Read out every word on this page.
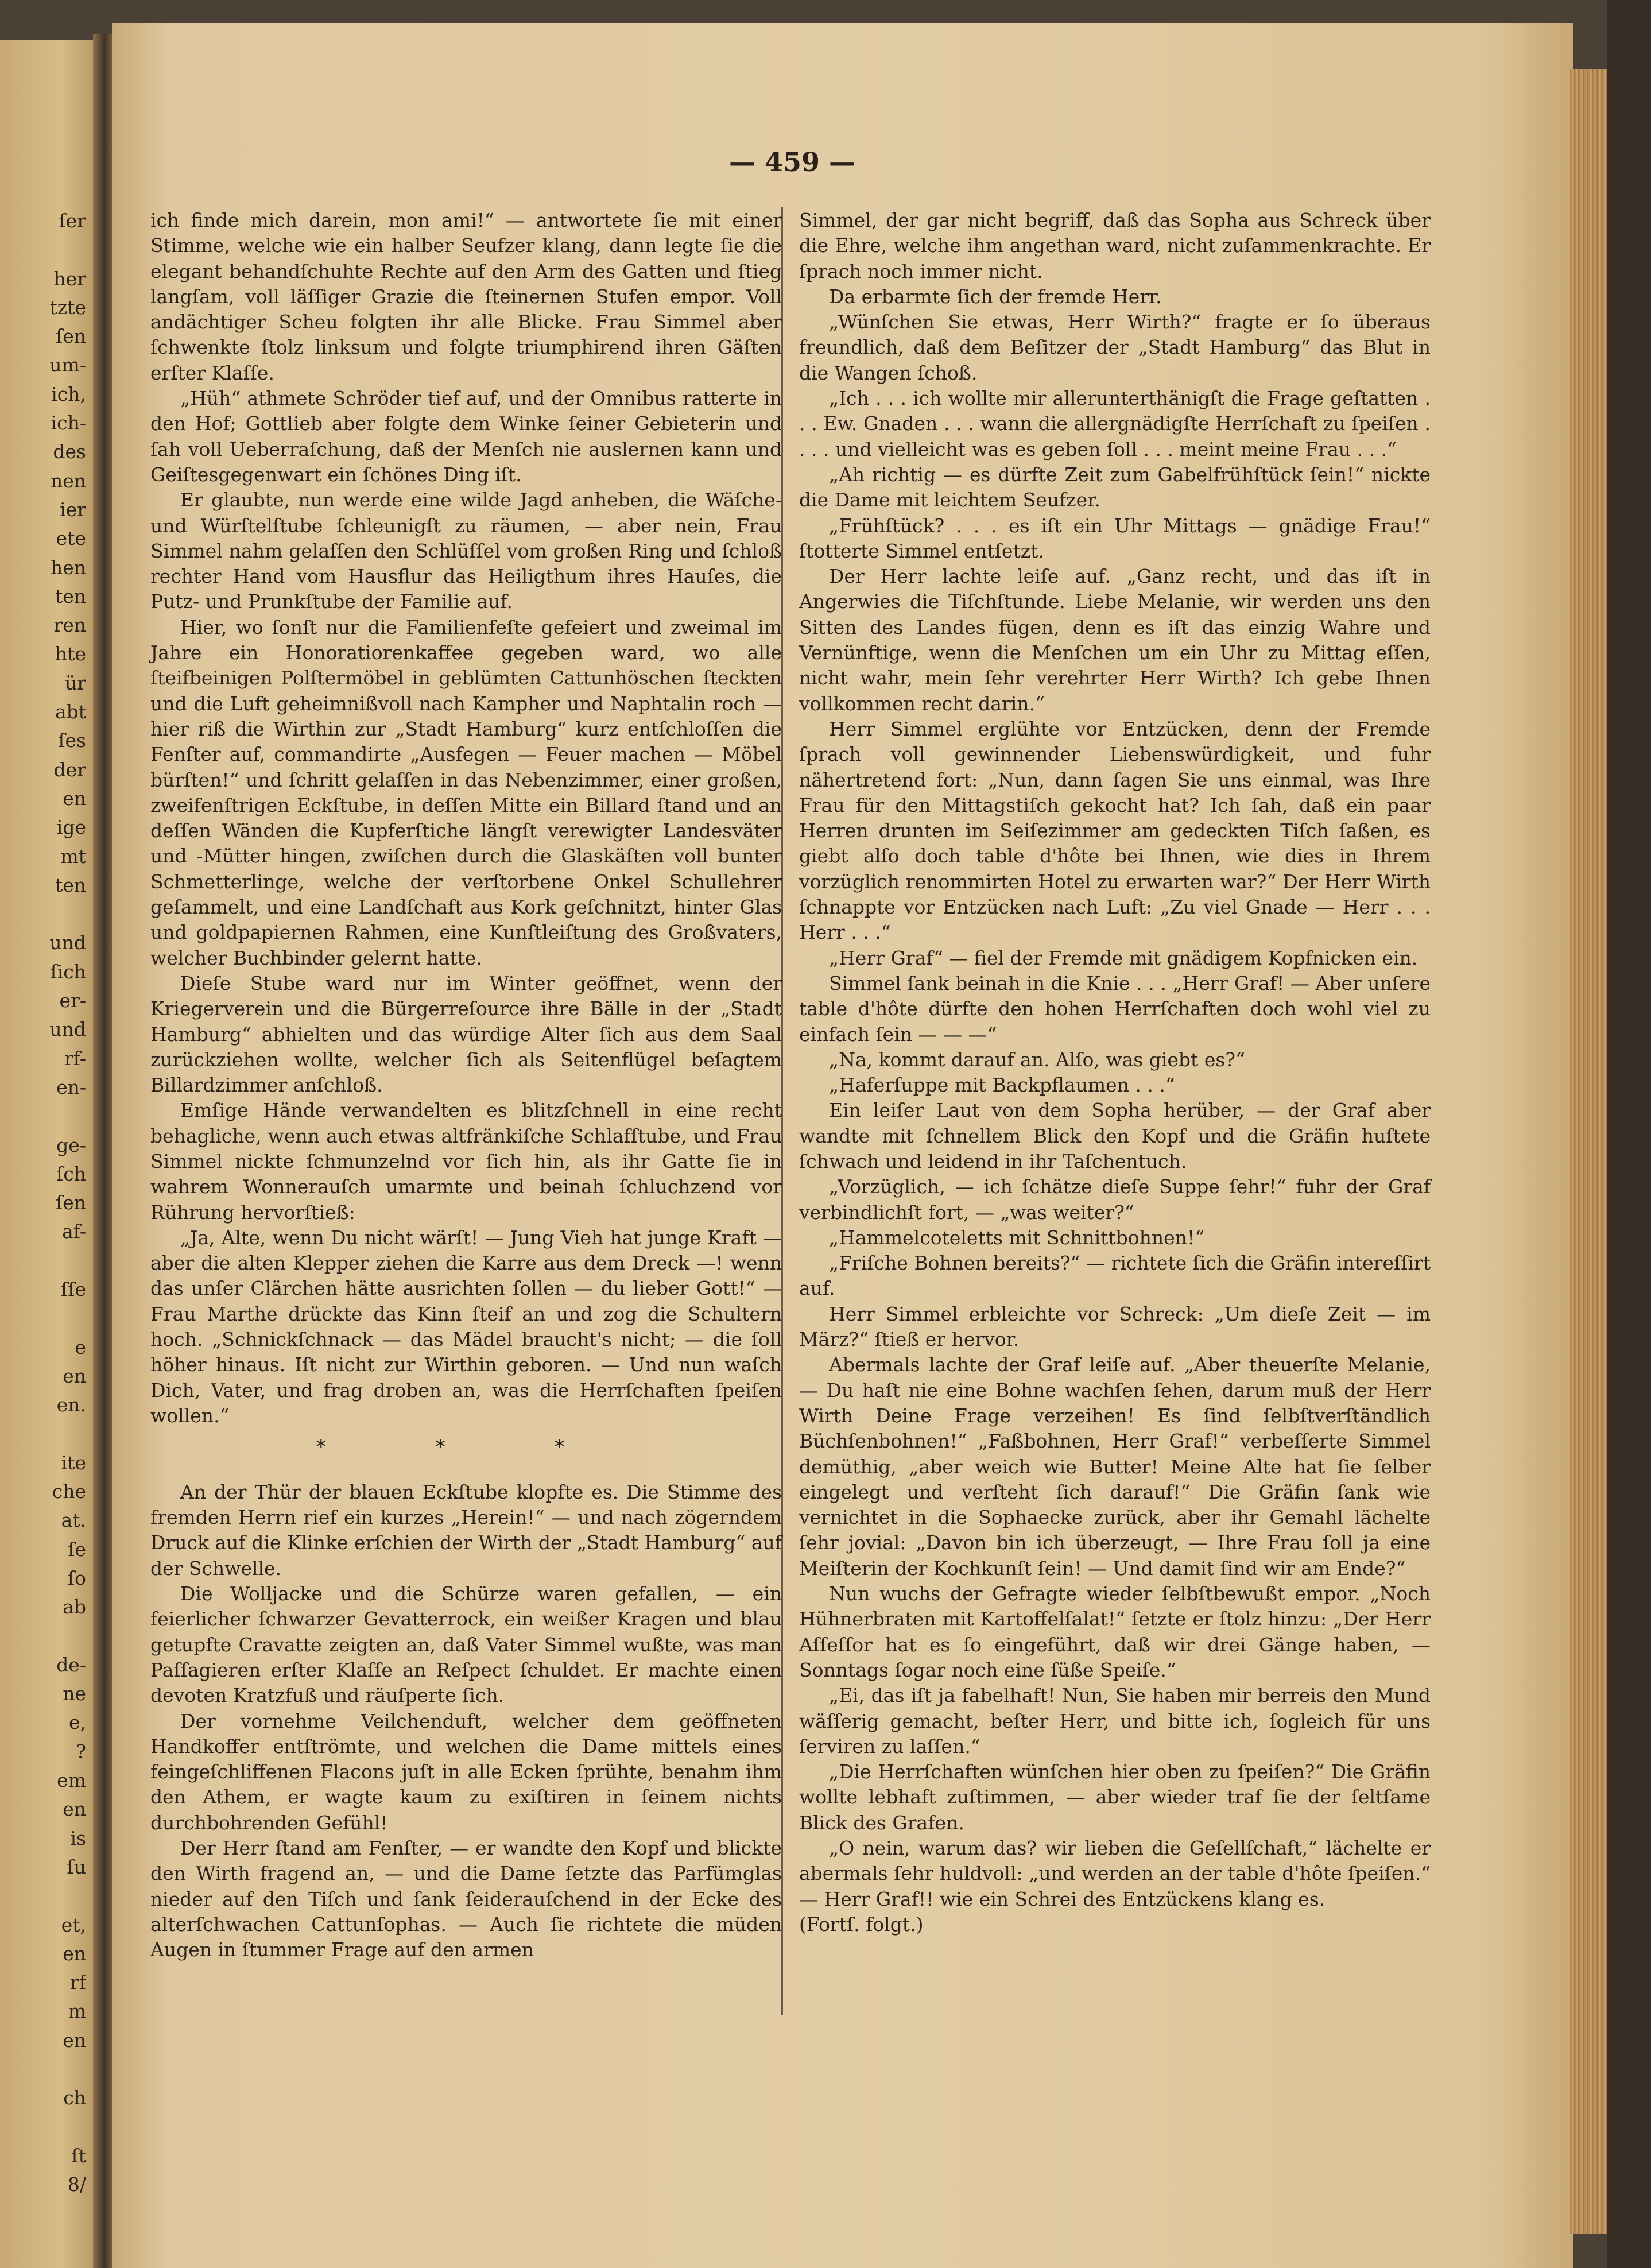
ſer
her
tzte
ſen
um-
ich,
ich-
des
nen
ier
ete
hen
ten
ren
hte
ür
abt
ſes
der
en
ige
mt
ten
und
ſich
er-
und
rf-
en-
ge-
ſch
ſen
af-
ſſe
e
en
en.
ite
che
at.
ſe
ſo
ab
de-
ne
e,
?
em
en
is
ſu
et,
en
rf
m
en
ch
ſt
8/
— 459 —
ich finde mich darein, mon ami!“ — antwortete ſie mit einer Stimme, welche wie ein halber Seufzer klang, dann legte ſie die elegant behandſchuhte Rechte auf den Arm des Gatten und ſtieg langſam, voll läſſiger Grazie die ſteinernen Stufen empor. Voll andächtiger Scheu folgten ihr alle Blicke. Frau Simmel aber ſchwenkte ſtolz linksum und folgte triumphirend ihren Gäſten erſter Klaſſe.
„Hüh“ athmete Schröder tief auf, und der Omnibus ratterte in den Hof; Gottlieb aber folgte dem Winke ſeiner Gebieterin und ſah voll Ueberraſchung, daß der Menſch nie auslernen kann und Geiſtesgegenwart ein ſchönes Ding iſt.
Er glaubte, nun werde eine wilde Jagd anheben, die Wäſche- und Würſtelſtube ſchleunigſt zu räumen, — aber nein, Frau Simmel nahm gelaſſen den Schlüſſel vom großen Ring und ſchloß rechter Hand vom Hausflur das Heiligthum ihres Hauſes, die Putz- und Prunkſtube der Familie auf.
Hier, wo ſonſt nur die Familienfeſte gefeiert und zweimal im Jahre ein Honoratiorenkaffee gegeben ward, wo alle ſteifbeinigen Polſtermöbel in geblümten Cattunhöschen ſteckten und die Luft geheimnißvoll nach Kampher und Naphtalin roch — hier riß die Wirthin zur „Stadt Hamburg“ kurz entſchloſſen die Fenſter auf, commandirte „Ausfegen — Feuer machen — Möbel bürſten!“ und ſchritt gelaſſen in das Nebenzimmer, einer großen, zweifenſtrigen Eckſtube, in deſſen Mitte ein Billard ſtand und an deſſen Wänden die Kupferſtiche längſt verewigter Landesväter und -Mütter hingen, zwiſchen durch die Glaskäſten voll bunter Schmetterlinge, welche der verſtorbene Onkel Schullehrer geſammelt, und eine Landſchaft aus Kork geſchnitzt, hinter Glas und goldpapiernen Rahmen, eine Kunſtleiſtung des Großvaters, welcher Buchbinder gelernt hatte.
Dieſe Stube ward nur im Winter geöffnet, wenn der Kriegerverein und die Bürgerreſource ihre Bälle in der „Stadt Hamburg“ abhielten und das würdige Alter ſich aus dem Saal zurückziehen wollte, welcher ſich als Seitenflügel beſagtem Billardzimmer anſchloß.
Emſige Hände verwandelten es blitzſchnell in eine recht behagliche, wenn auch etwas altfränkiſche Schlafſtube, und Frau Simmel nickte ſchmunzelnd vor ſich hin, als ihr Gatte ſie in wahrem Wonnerauſch umarmte und beinah ſchluchzend vor Rührung hervorſtieß:
„Ja, Alte, wenn Du nicht wärſt! — Jung Vieh hat junge Kraft — aber die alten Klepper ziehen die Karre aus dem Dreck —! wenn das unſer Clärchen hätte ausrichten ſollen — du lieber Gott!“ — Frau Marthe drückte das Kinn ſteif an und zog die Schultern hoch. „Schnickſchnack — das Mädel braucht's nicht; — die ſoll höher hinaus. Iſt nicht zur Wirthin geboren. — Und nun waſch Dich, Vater, und frag droben an, was die Herrſchaften ſpeiſen wollen.“
* * *
An der Thür der blauen Eckſtube klopfte es. Die Stimme des fremden Herrn rief ein kurzes „Herein!“ — und nach zögerndem Druck auf die Klinke erſchien der Wirth der „Stadt Hamburg“ auf der Schwelle.
Die Wolljacke und die Schürze waren gefallen, — ein feierlicher ſchwarzer Gevatterrock, ein weißer Kragen und blau getupfte Cravatte zeigten an, daß Vater Simmel wußte, was man Paſſagieren erſter Klaſſe an Reſpect ſchuldet. Er machte einen devoten Kratzfuß und räuſperte ſich.
Der vornehme Veilchenduft, welcher dem geöffneten Handkoffer entſtrömte, und welchen die Dame mittels eines feingeſchliffenen Flacons juſt in alle Ecken ſprühte, benahm ihm den Athem, er wagte kaum zu exiſtiren in ſeinem nichts durchbohrenden Gefühl!
Der Herr ſtand am Fenſter, — er wandte den Kopf und blickte den Wirth fragend an, — und die Dame ſetzte das Parfümglas nieder auf den Tiſch und ſank ſeiderauſchend in der Ecke des alterſchwachen Cattunſophas. — Auch ſie richtete die müden Augen in ſtummer Frage auf den armen
Simmel, der gar nicht begriff, daß das Sopha aus Schreck über die Ehre, welche ihm angethan ward, nicht zuſammenkrachte. Er ſprach noch immer nicht.
Da erbarmte ſich der fremde Herr.
„Wünſchen Sie etwas, Herr Wirth?“ fragte er ſo überaus freundlich, daß dem Beſitzer der „Stadt Hamburg“ das Blut in die Wangen ſchoß.
„Ich . . . ich wollte mir allerunterthänigſt die Frage geſtatten . . . Ew. Gnaden . . . wann die allergnädigſte Herrſchaft zu ſpeiſen . . . . und vielleicht was es geben ſoll . . . meint meine Frau . . .“
„Ah richtig — es dürfte Zeit zum Gabelfrühſtück ſein!“ nickte die Dame mit leichtem Seufzer.
„Frühſtück? . . . es iſt ein Uhr Mittags — gnädige Frau!“ ſtotterte Simmel entſetzt.
Der Herr lachte leiſe auf. „Ganz recht, und das iſt in Angerwies die Tiſchſtunde. Liebe Melanie, wir werden uns den Sitten des Landes fügen, denn es iſt das einzig Wahre und Vernünftige, wenn die Menſchen um ein Uhr zu Mittag eſſen, nicht wahr, mein ſehr verehrter Herr Wirth? Ich gebe Ihnen vollkommen recht darin.“
Herr Simmel erglühte vor Entzücken, denn der Fremde ſprach voll gewinnender Liebenswürdigkeit, und fuhr nähertretend fort: „Nun, dann ſagen Sie uns einmal, was Ihre Frau für den Mittagstiſch gekocht hat? Ich ſah, daß ein paar Herren drunten im Seiſezimmer am gedeckten Tiſch ſaßen, es giebt alſo doch table d'hôte bei Ihnen, wie dies in Ihrem vorzüglich renommirten Hotel zu erwarten war?“ Der Herr Wirth ſchnappte vor Entzücken nach Luft: „Zu viel Gnade — Herr . . . Herr . . .“
„Herr Graf“ — fiel der Fremde mit gnädigem Kopfnicken ein.
Simmel ſank beinah in die Knie . . . „Herr Graf! — Aber unſere table d'hôte dürfte den hohen Herrſchaften doch wohl viel zu einfach ſein — — —“
„Na, kommt darauf an. Alſo, was giebt es?“
„Haferſuppe mit Backpflaumen . . .“
Ein leiſer Laut von dem Sopha herüber, — der Graf aber wandte mit ſchnellem Blick den Kopf und die Gräfin huſtete ſchwach und leidend in ihr Taſchentuch.
„Vorzüglich, — ich ſchätze dieſe Suppe ſehr!“ fuhr der Graf verbindlichſt fort, — „was weiter?“
„Hammelcoteletts mit Schnittbohnen!“
„Friſche Bohnen bereits?“ — richtete ſich die Gräfin intereſſirt auf.
Herr Simmel erbleichte vor Schreck: „Um dieſe Zeit — im März?“ ſtieß er hervor.
Abermals lachte der Graf leiſe auf. „Aber theuerſte Melanie, — Du haſt nie eine Bohne wachſen ſehen, darum muß der Herr Wirth Deine Frage verzeihen! Es ſind ſelbſtverſtändlich Büchſenbohnen!“ „Faßbohnen, Herr Graf!“ verbeſſerte Simmel demüthig, „aber weich wie Butter! Meine Alte hat ſie ſelber eingelegt und verſteht ſich darauf!“ Die Gräfin ſank wie vernichtet in die Sophaecke zurück, aber ihr Gemahl lächelte ſehr jovial: „Davon bin ich überzeugt, — Ihre Frau ſoll ja eine Meiſterin der Kochkunſt ſein! — Und damit ſind wir am Ende?“
Nun wuchs der Gefragte wieder ſelbſtbewußt empor. „Noch Hühnerbraten mit Kartoffelſalat!“ ſetzte er ſtolz hinzu: „Der Herr Aſſeſſor hat es ſo eingeführt, daß wir drei Gänge haben, — Sonntags ſogar noch eine ſüße Speiſe.“
„Ei, das iſt ja fabelhaft! Nun, Sie haben mir berreis den Mund wäſſerig gemacht, beſter Herr, und bitte ich, ſogleich für uns ſerviren zu laſſen.“
„Die Herrſchaften wünſchen hier oben zu ſpeiſen?“ Die Gräfin wollte lebhaft zuſtimmen, — aber wieder traf ſie der ſeltſame Blick des Grafen.
„O nein, warum das? wir lieben die Geſellſchaft,“ lächelte er abermals ſehr huldvoll: „und werden an der table d'hôte ſpeiſen.“ — Herr Graf!! wie ein Schrei des Entzückens klang es.
(Fortſ. folgt.)
